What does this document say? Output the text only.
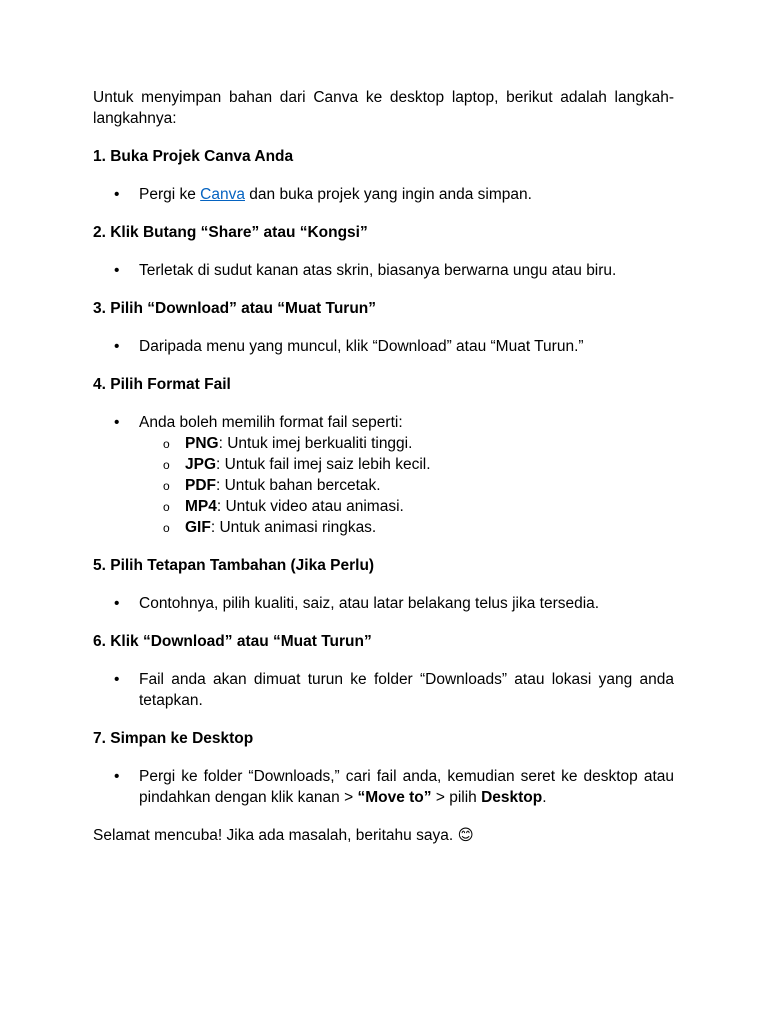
Untuk menyimpan bahan dari Canva ke desktop laptop, berikut adalah langkah-langkahnya:

1. Buka Projek Canva Anda

• Pergi ke Canva dan buka projek yang ingin anda simpan.

2. Klik Butang “Share” atau “Kongsi”

• Terletak di sudut kanan atas skrin, biasanya berwarna ungu atau biru.

3. Pilih “Download” atau “Muat Turun”

• Daripada menu yang muncul, klik “Download” atau “Muat Turun.”

4. Pilih Format Fail

• Anda boleh memilih format fail seperti:
o PNG: Untuk imej berkualiti tinggi.
o JPG: Untuk fail imej saiz lebih kecil.
o PDF: Untuk bahan bercetak.
o MP4: Untuk video atau animasi.
o GIF: Untuk animasi ringkas.

5. Pilih Tetapan Tambahan (Jika Perlu)

• Contohnya, pilih kualiti, saiz, atau latar belakang telus jika tersedia.

6. Klik “Download” atau “Muat Turun”

• Fail anda akan dimuat turun ke folder “Downloads” atau lokasi yang anda tetapkan.

7. Simpan ke Desktop

• Pergi ke folder “Downloads,” cari fail anda, kemudian seret ke desktop atau pindahkan dengan klik kanan > “Move to” > pilih Desktop.

Selamat mencuba! Jika ada masalah, beritahu saya. 😊
